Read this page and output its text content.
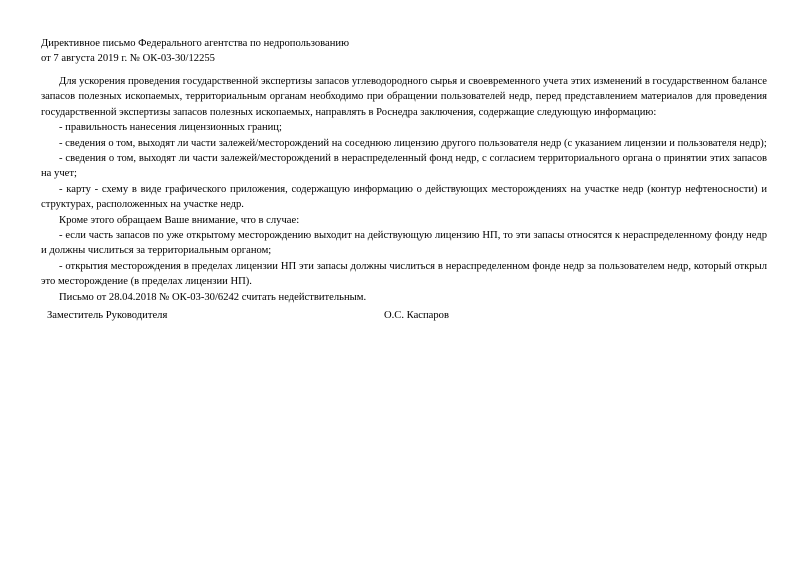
Директивное письмо Федерального агентства по недропользованию
от 7 августа 2019 г. № ОК-03-30/12255

Для ускорения проведения государственной экспертизы запасов углеводородного сырья и своевременного учета этих изменений в государственном балансе запасов полезных ископаемых, территориальным органам необходимо при обращении пользователей недр, перед представлением материалов для проведения государственной экспертизы запасов полезных ископаемых, направлять в Роснедра заключения, содержащие следующую информацию:

- правильность нанесения лицензионных границ;

- сведения о том, выходят ли части залежей/месторождений на соседнюю лицензию другого пользователя недр (с указанием лицензии и пользователя недр);

- сведения о том, выходят ли части залежей/месторождений в нераспределенный фонд недр, с согласием территориального органа о принятии этих запасов на учет;

- карту - схему в виде графического приложения, содержащую информацию о действующих месторождениях на участке недр (контур нефтеносности) и структурах, расположенных на участке недр.

Кроме этого обращаем Ваше внимание, что в случае:

- если часть запасов по уже открытому месторождению выходит на действующую лицензию НП, то эти запасы относятся к нераспределенному фонду недр и должны числиться за территориальным органом;

- открытия месторождения в пределах лицензии НП эти запасы должны числиться в нераспределенном фонде недр за пользователем недр, который открыл это месторождение (в пределах лицензии НП).

Письмо от 28.04.2018 № ОК-03-30/6242 считать недействительным.

Заместитель Руководителя	О.С. Каспаров
